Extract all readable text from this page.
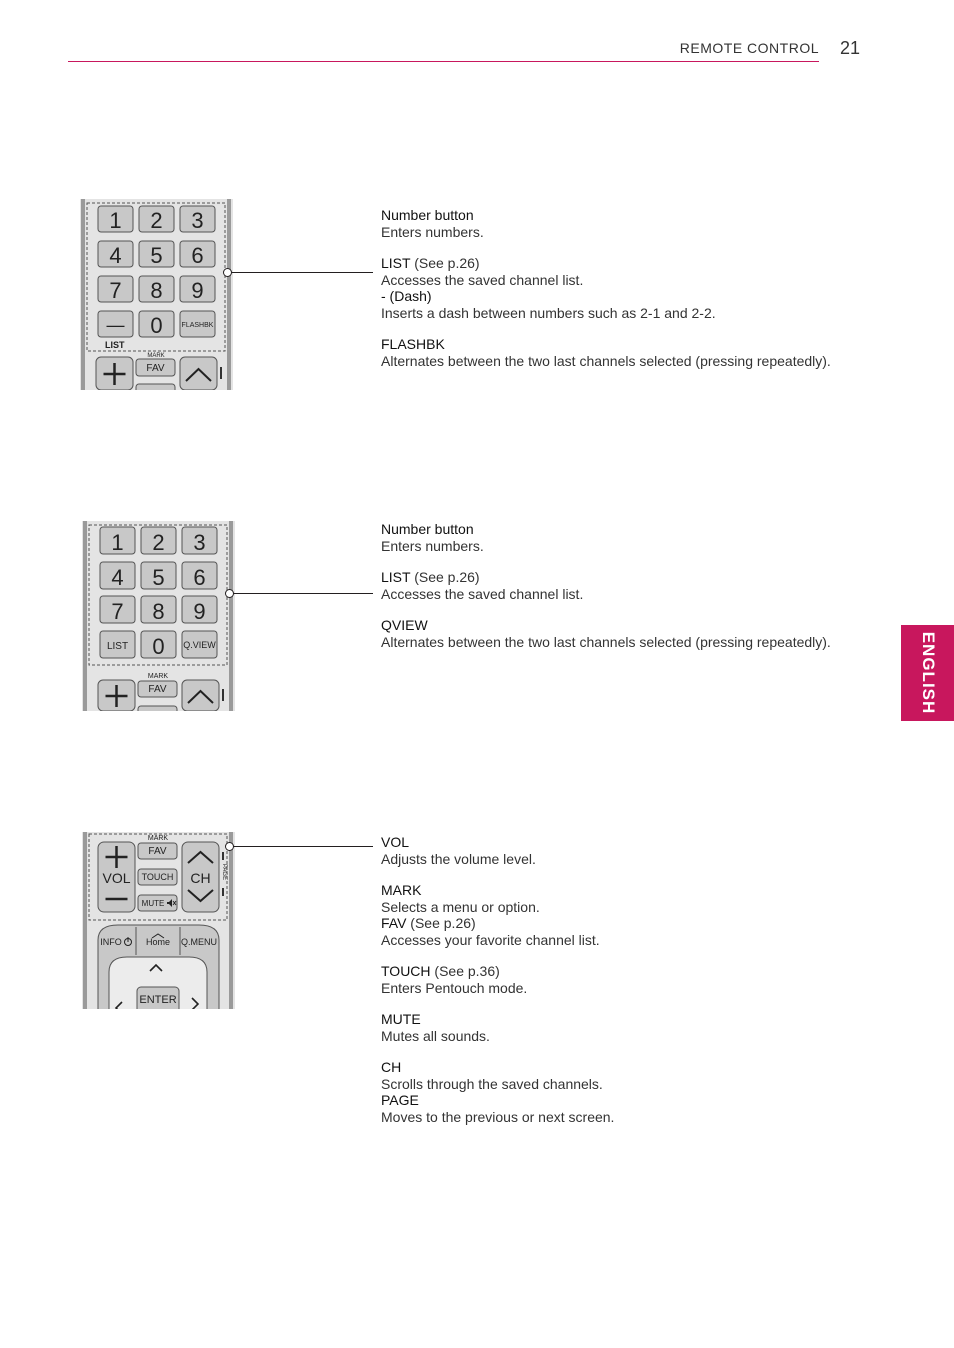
REMOTE CONTROL 21
ENGLISH
1 2 3
4 5 6
7 8 9
— 0	FLASHBK
LIST
MARK
FAV
Number button
Enters numbers.
LIST (See p.26)
Accesses the saved channel list.
- (Dash)
Inserts a dash between numbers such as 2-1 and 2-2.
FLASHBK
Alternates between the two last channels selected (pressing repeatedly).
1 2 3
4 5 6
7 8 9
LIST 0 Q.VIEW
MARK
FAV
Number button
Enters numbers.
LIST (See p.26)
Accesses the saved channel list.
QVIEW
Alternates between the two last channels selected (pressing repeatedly).
MARK
VOL
FAV
TOUCH
MUTE
CH PAGE
INFO	Home Q.MENU
ENTER
VOL
Adjusts the volume level.
MARK
Selects a menu or option.
FAV (See p.26)
Accesses your favorite channel list.
TOUCH (See p.36)
Enters Pentouch mode.
MUTE
Mutes all sounds.
CH
Scrolls through the saved channels.
PAGE
Moves to the previous or next screen.
